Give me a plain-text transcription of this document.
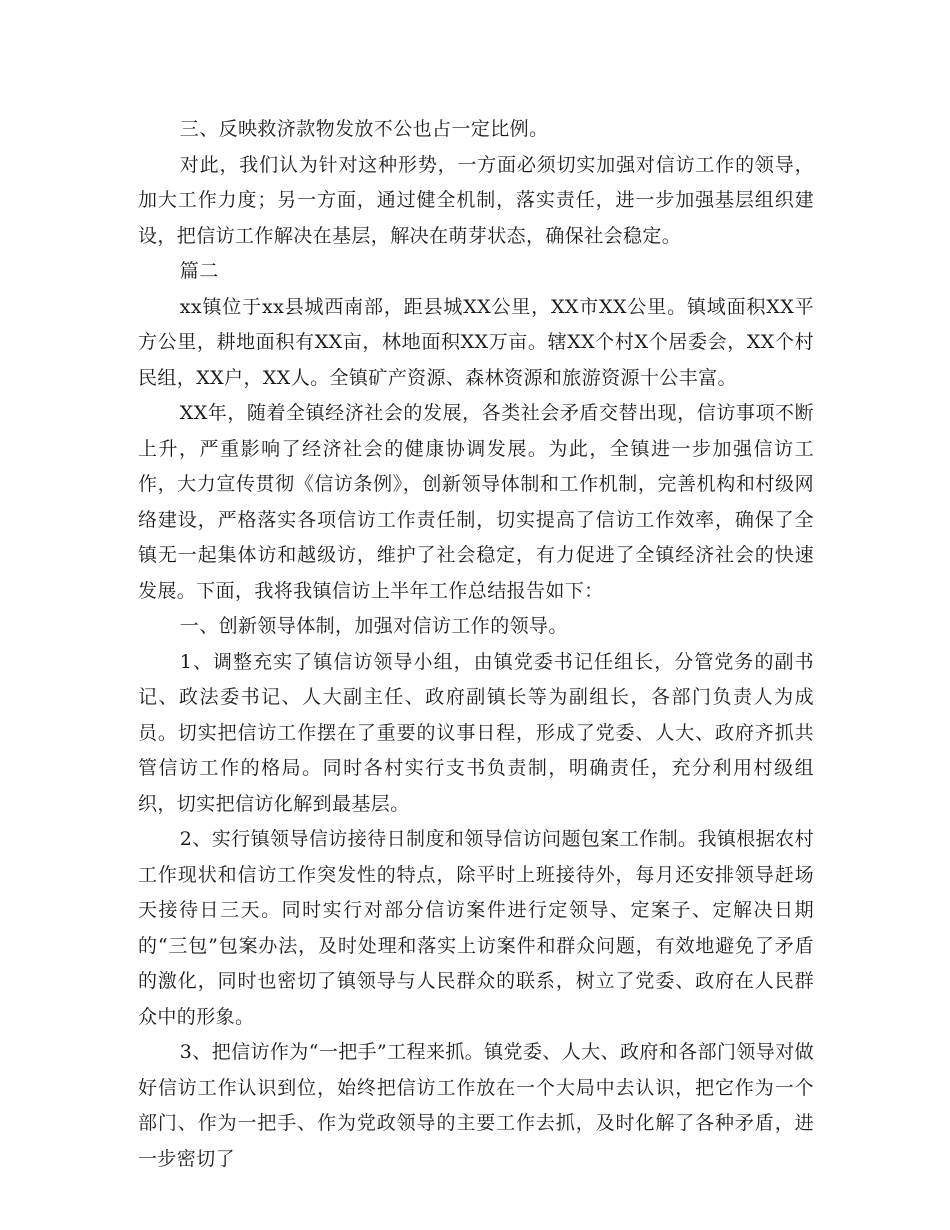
三、反映救济款物发放不公也占一定比例。

对此，我们认为针对这种形势，一方面必须切实加强对信访工作的领导，加大工作力度；另一方面，通过健全机制，落实责任，进一步加强基层组织建设，把信访工作解决在基层，解决在萌芽状态，确保社会稳定。

篇二

xx镇位于xx县城西南部，距县城XX公里，XX市XX公里。镇域面积XX平方公里，耕地面积有XX亩，林地面积XX万亩。辖XX个村X个居委会，XX个村民组，XX户，XX人。全镇矿产资源、森林资源和旅游资源十公丰富。

XX年，随着全镇经济社会的发展，各类社会矛盾交替出现，信访事项不断上升，严重影响了经济社会的健康协调发展。为此，全镇进一步加强信访工作，大力宣传贯彻《信访条例》，创新领导体制和工作机制，完善机构和村级网络建设，严格落实各项信访工作责任制，切实提高了信访工作效率，确保了全镇无一起集体访和越级访，维护了社会稳定，有力促进了全镇经济社会的快速发展。下面，我将我镇信访上半年工作总结报告如下：

一、创新领导体制，加强对信访工作的领导。

1、调整充实了镇信访领导小组，由镇党委书记任组长，分管党务的副书记、政法委书记、人大副主任、政府副镇长等为副组长，各部门负责人为成员。切实把信访工作摆在了重要的议事日程，形成了党委、人大、政府齐抓共管信访工作的格局。同时各村实行支书负责制，明确责任，充分利用村级组织，切实把信访化解到最基层。

2、实行镇领导信访接待日制度和领导信访问题包案工作制。我镇根据农村工作现状和信访工作突发性的特点，除平时上班接待外，每月还安排领导赶场天接待日三天。同时实行对部分信访案件进行定领导、定案子、定解决日期的“三包”包案办法，及时处理和落实上访案件和群众问题，有效地避免了矛盾的激化，同时也密切了镇领导与人民群众的联系，树立了党委、政府在人民群众中的形象。

3、把信访作为“一把手”工程来抓。镇党委、人大、政府和各部门领导对做好信访工作认识到位，始终把信访工作放在一个大局中去认识，把它作为一个部门、作为一把手、作为党政领导的主要工作去抓，及时化解了各种矛盾，进一步密切了
